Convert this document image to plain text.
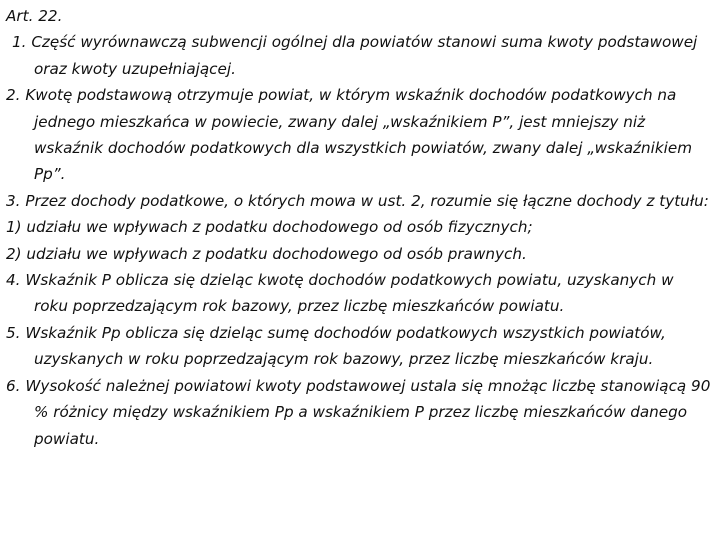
Art. 22.

1. Część wyrównawczą subwencji ogólnej dla powiatów stanowi suma kwoty podstawowej oraz kwoty uzupełniającej.

2. Kwotę podstawową otrzymuje powiat, w którym wskaźnik dochodów podatkowych na jednego mieszkańca w powiecie, zwany dalej „wskaźnikiem P”, jest mniejszy niż wskaźnik dochodów podatkowych dla wszystkich powiatów, zwany dalej „wskaźnikiem Pp”.

3. Przez dochody podatkowe, o których mowa w ust. 2, rozumie się łączne dochody z tytułu:

1) udziału we wpływach z podatku dochodowego od osób fizycznych;

2) udziału we wpływach z podatku dochodowego od osób prawnych.

4. Wskaźnik P oblicza się dzieląc kwotę dochodów podatkowych powiatu, uzyskanych w roku poprzedzającym rok bazowy, przez liczbę mieszkańców powiatu.

5. Wskaźnik Pp oblicza się dzieląc sumę dochodów podatkowych wszystkich powiatów, uzyskanych w roku poprzedzającym rok bazowy, przez liczbę mieszkańców kraju.

6. Wysokość należnej powiatowi kwoty podstawowej ustala się mnożąc liczbę stanowiącą 90 % różnicy między wskaźnikiem Pp a wskaźnikiem P przez liczbę mieszkańców danego powiatu.
